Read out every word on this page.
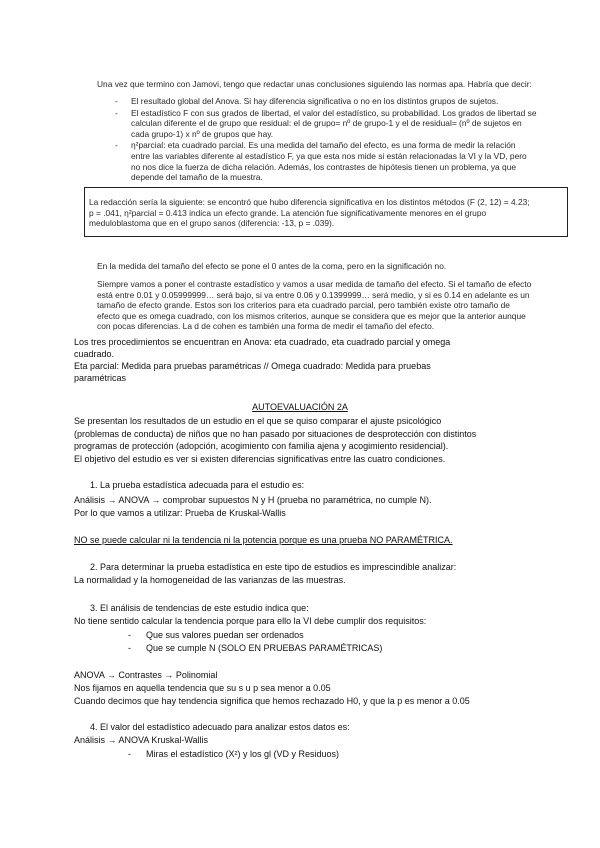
Una vez que termino con Jamovi, tengo que redactar unas conclusiones siguiendo las normas apa. Habría que decir:
- El resultado global del Anova. Si hay diferencia significativa o no en los distintos grupos de sujetos.
- El estadístico F con sus grados de libertad, el valor del estadístico, su probabilidad. Los grados de libertad se
calculan diferente el de grupo que residual: el de grupo= nº de grupo-1 y el de residual= (nº de sujetos en
cada grupo-1) x nº de grupos que hay.
- η²parcial: eta cuadrado parcial. Es una medida del tamaño del efecto, es una forma de medir la relación
entre las variables diferente al estadístico F, ya que esta nos mide si están relacionadas la VI y la VD, pero
no nos dice la fuerza de dicha relación. Además, los contrastes de hipótesis tienen un problema, ya que
depende del tamaño de la muestra.
La redacción sería la siguiente: se encontró que hubo diferencia significativa en los distintos métodos (F (2, 12) = 4.23;
p = .041, η²parcial = 0.413 indica un efecto grande. La atención fue significativamente menores en el grupo
meduloblastoma que en el grupo sanos (diferencia: -13, p = .039).
En la medida del tamaño del efecto se pone el 0 antes de la coma, pero en la significación no.
Siempre vamos a poner el contraste estadístico y vamos a usar medida de tamaño del efecto. Si el tamaño de efecto
está entre 0.01 y 0.05999999… será bajo, si va entre 0.06 y 0.1399999… será medio, y si es 0.14 en adelante es un
tamaño de efecto grande. Estos son los criterios para eta cuadrado parcial, pero también existe otro tamaño de
efecto que es omega cuadrado, con los mismos criterios, aunque se considera que es mejor que la anterior aunque
con pocas diferencias. La d de cohen es también una forma de medir el tamaño del efecto.
Los tres procedimientos se encuentran en Anova: eta cuadrado, eta cuadrado parcial y omega
cuadrado.
Eta parcial: Medida para pruebas paramétricas // Omega cuadrado: Medida para pruebas
paramétricas
AUTOEVALUACIÓN 2A
Se presentan los resultados de un estudio en el que se quiso comparar el ajuste psicológico
(problemas de conducta) de niños que no han pasado por situaciones de desprotección con distintos
programas de protección (adopción, acogimiento con familia ajena y acogimiento residencial).
El objetivo del estudio es ver si existen diferencias significativas entre las cuatro condiciones.
1. La prueba estadística adecuada para el estudio es:
Análisis → ANOVA → comprobar supuestos N y H (prueba no paramétrica, no cumple N).
Por lo que vamos a utilizar: Prueba de Kruskal-Wallis
NO se puede calcular ni la tendencia ni la potencia porque es una prueba NO PARAMÉTRICA.
2. Para determinar la prueba estadística en este tipo de estudios es imprescindible analizar:
La normalidad y la homogeneidad de las varianzas de las muestras.
3. El análisis de tendencias de este estudio indica que:
No tiene sentido calcular la tendencia porque para ello la VI debe cumplir dos requisitos:
- Que sus valores puedan ser ordenados
- Que se cumple N (SOLO EN PRUEBAS PARAMÉTRICAS)
ANOVA → Contrastes → Polinomial
Nos fijamos en aquella tendencia que su s u p sea menor a 0.05
Cuando decimos que hay tendencia significa que hemos rechazado H0, y que la p es menor a 0.05
4. El valor del estadístico adecuado para analizar estos datos es:
Análisis → ANOVA Kruskal-Wallis
- Miras el estadístico (X²) y los gl (VD y Residuos)
